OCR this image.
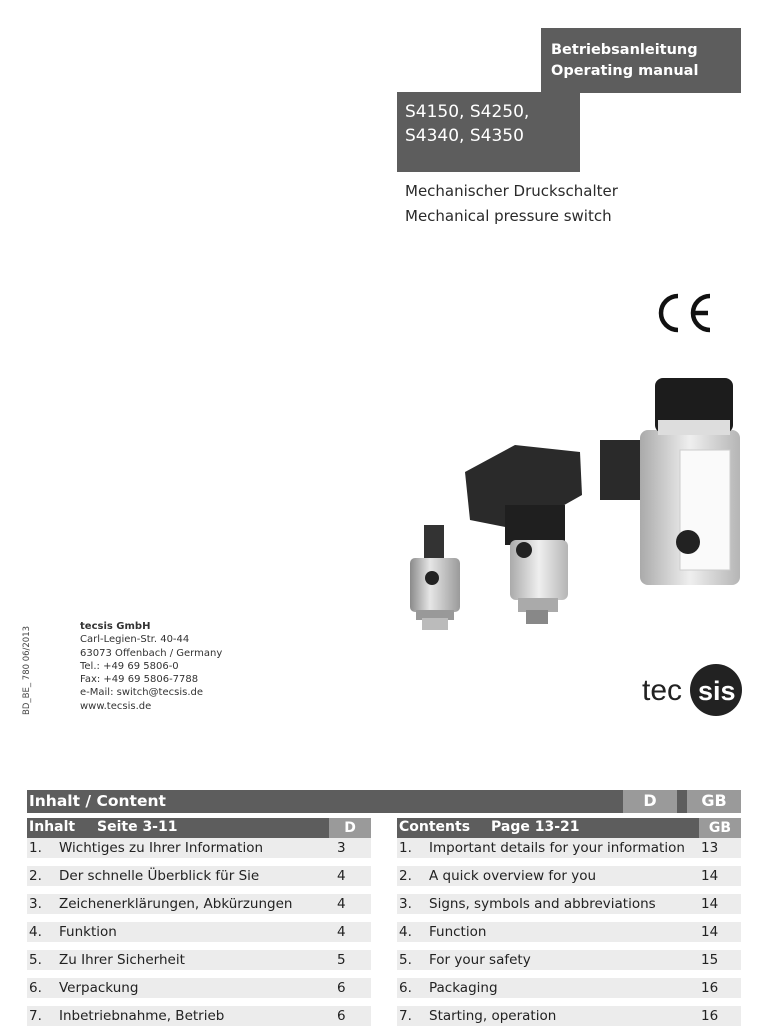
Betriebsanleitung
Operating manual
S4150, S4250,
S4340, S4350
Mechanischer Druckschalter
Mechanical pressure switch
BD_BE_ 780 06/2013	tecsis GmbH
Carl-Legien-Str. 40-44
63073 Offenbach / Germany
Tel.: +49 69 5806-0
Fax: +49 69 5806-7788
e-Mail: switch@tecsis.de
www.tecsis.de	tec sis
Inhalt / Content	D	GB
Inhalt Seite 3-11	D
1. Wichtiges zu Ihrer Information	3
2. Der schnelle Überblick für Sie	4
3. Zeichenerklärungen, Abkürzungen	4
4. Funktion	4
5. Zu Ihrer Sicherheit	5
6. Verpackung	6
7. Inbetriebnahme, Betrieb	6
Contents Page 13-21	GB
1. Important details for your information 13
2. A quick overview for you	14
3. Signs, symbols and abbreviations	14
4. Function	14
5. For your safety	15
6. Packaging	16
7. Starting, operation	16
